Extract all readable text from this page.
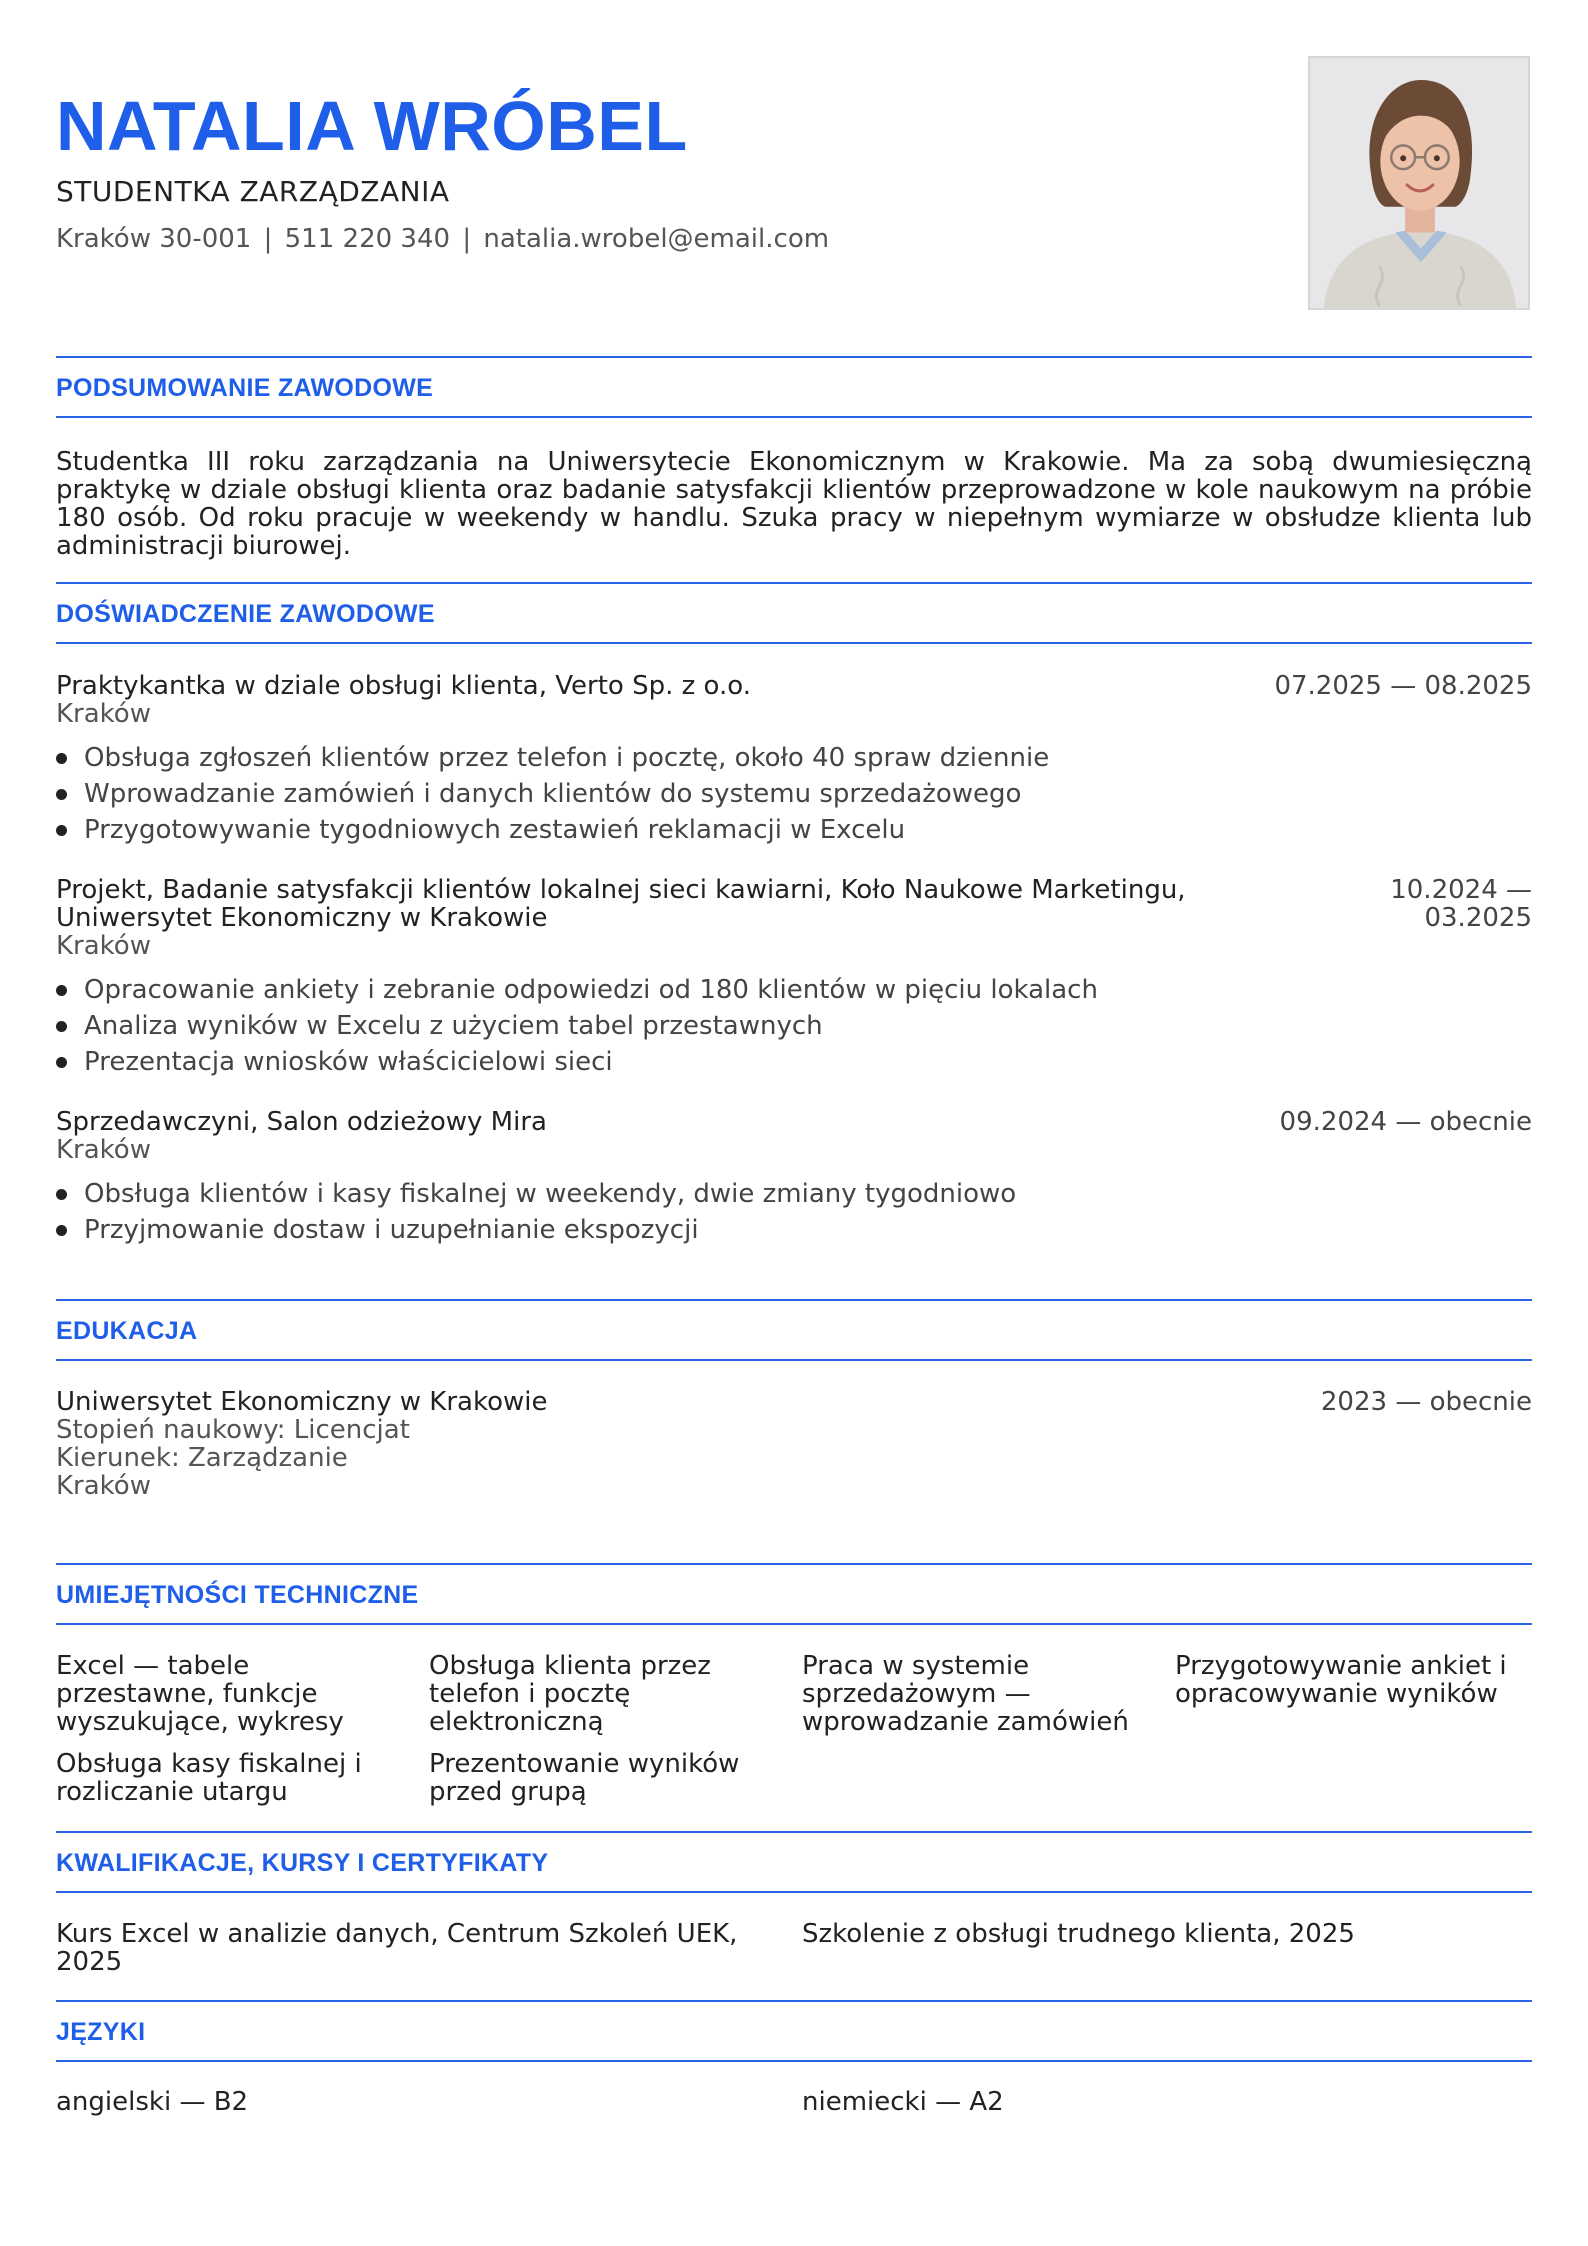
NATALIA WRÓBEL
STUDENTKA ZARZĄDZANIA
Kraków 30-001 | 511 220 340 | natalia.wrobel@email.com
PODSUMOWANIE ZAWODOWE
Studentka III roku zarządzania na Uniwersytecie Ekonomicznym w Krakowie. Ma za sobą dwumiesięczną praktykę w dziale obsługi klienta oraz badanie satysfakcji klientów przeprowadzone w kole naukowym na próbie 180 osób. Od roku pracuje w weekendy w handlu. Szuka pracy w niepełnym wymiarze w obsłudze klienta lub administracji biurowej.
DOŚWIADCZENIE ZAWODOWE
Praktykantka w dziale obsługi klienta, Verto Sp. z o.o.	07.2025 — 08.2025
Kraków
Obsługa zgłoszeń klientów przez telefon i pocztę, około 40 spraw dziennie
Wprowadzanie zamówień i danych klientów do systemu sprzedażowego
Przygotowywanie tygodniowych zestawień reklamacji w Excelu
Projekt, Badanie satysfakcji klientów lokalnej sieci kawiarni, Koło Naukowe Marketingu,
Uniwersytet Ekonomiczny w Krakowie
10.2024 —
03.2025
Kraków
Opracowanie ankiety i zebranie odpowiedzi od 180 klientów w pięciu lokalach
Analiza wyników w Excelu z użyciem tabel przestawnych
Prezentacja wniosków właścicielowi sieci
Sprzedawczyni, Salon odzieżowy Mira	09.2024 — obecnie
Kraków
Obsługa klientów i kasy fiskalnej w weekendy, dwie zmiany tygodniowo
Przyjmowanie dostaw i uzupełnianie ekspozycji
EDUKACJA
Uniwersytet Ekonomiczny w Krakowie	2023 — obecnie
Stopień naukowy: Licencjat
Kierunek: Zarządzanie
Kraków
UMIEJĘTNOŚCI TECHNICZNE
Excel — tabele przestawne, funkcje wyszukujące, wykresy
Obsługa klienta przez telefon i pocztę elektroniczną
Praca w systemie sprzedażowym — wprowadzanie zamówień
Przygotowywanie ankiet i opracowywanie wyników
Obsługa kasy fiskalnej i rozliczanie utargu
Prezentowanie wyników przed grupą
KWALIFIKACJE, KURSY I CERTYFIKATY
Kurs Excel w analizie danych, Centrum Szkoleń UEK, 2025
Szkolenie z obsługi trudnego klienta, 2025
JĘZYKI
angielski — B2	niemiecki — A2
